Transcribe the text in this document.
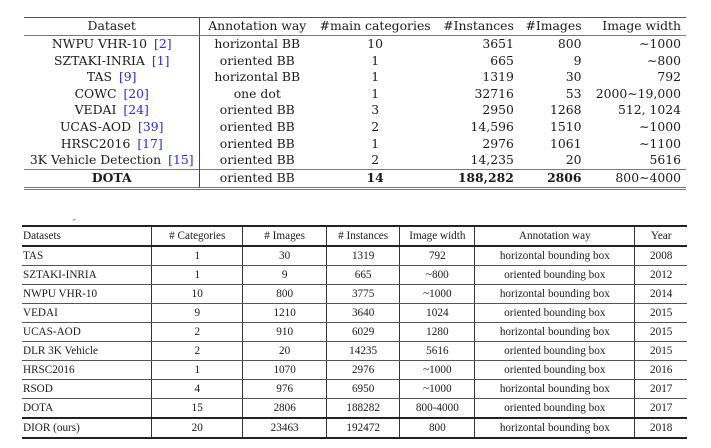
Dataset	Annotation way	#main categories	#Instances	#Images	Image width
NWPU VHR-10 [2]	horizontal BB	10	3651	800	∼1000
SZTAKI-INRIA [1]	oriented BB	1	665	9	∼800
TAS [9]	horizontal BB	1	1319	30	792
COWC [20]	one dot	1	32716	53	2000∼19,000
VEDAI [24]	oriented BB	3	2950	1268	512, 1024
UCAS-AOD [39]	oriented BB	2	14,596	1510	∼1000
HRSC2016 [17]	oriented BB	1	2976	1061	∼1100
3K Vehicle Detection [15]	oriented BB	2	14,235	20	5616
DOTA	oriented BB	14	188,282	2806	800∼4000
Datasets	# Categories	# Images	# Instances	Image width	Annotation way	Year
TAS	1	30	1319	792	horizontal bounding box	2008
SZTAKI-INRIA	1	9	665	~800	oriented bounding box	2012
NWPU VHR-10	10	800	3775	~1000	horizontal bounding box	2014
VEDAI	9	1210	3640	1024	oriented bounding box	2015
UCAS-AOD	2	910	6029	1280	horizontal bounding box	2015
DLR 3K Vehicle	2	20	14235	5616	oriented bounding box	2015
HRSC2016	1	1070	2976	~1000	oriented bounding box	2016
RSOD	4	976	6950	~1000	horizontal bounding box	2017
DOTA	15	2806	188282	800-4000	oriented bounding box	2017
DIOR (ours)	20	23463	192472	800	horizontal bounding box	2018
